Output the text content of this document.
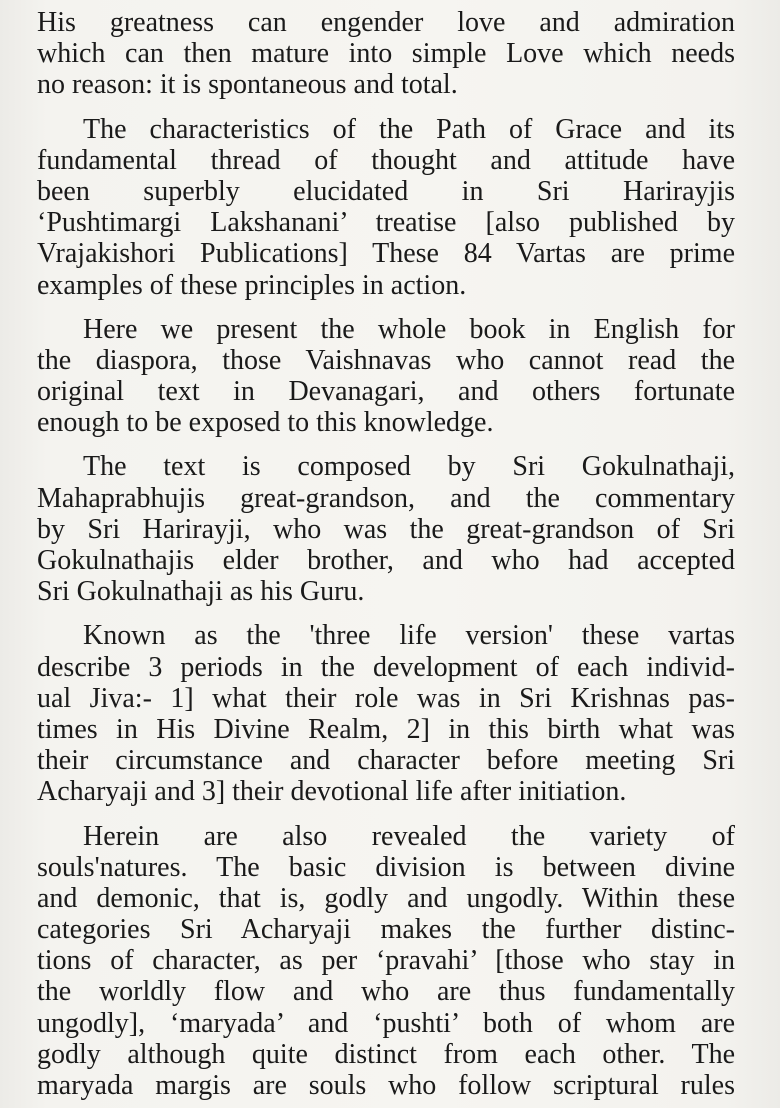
His greatness can engender love and admiration
which can then mature into simple Love which needs
no reason: it is spontaneous and total.
The characteristics of the Path of Grace and its
fundamental thread of thought and attitude have
been superbly elucidated in Sri Harirayjis
‘Pushtimargi Lakshanani’ treatise [also published by
Vrajakishori Publications] These 84 Vartas are prime
examples of these principles in action.
Here we present the whole book in English for
the diaspora, those Vaishnavas who cannot read the
original text in Devanagari, and others fortunate
enough to be exposed to this knowledge.
The text is composed by Sri Gokulnathaji,
Mahaprabhujis great-grandson, and the commentary
by Sri Harirayji, who was the great-grandson of Sri
Gokulnathajis elder brother, and who had accepted
Sri Gokulnathaji as his Guru.
Known as the 'three life version' these vartas
describe 3 periods in the development of each individ-
ual Jiva:- 1] what their role was in Sri Krishnas pas-
times in His Divine Realm, 2] in this birth what was
their circumstance and character before meeting Sri
Acharyaji and 3] their devotional life after initiation.
Herein are also revealed the variety of
souls'natures. The basic division is between divine
and demonic, that is, godly and ungodly. Within these
categories Sri Acharyaji makes the further distinc-
tions of character, as per ‘pravahi’ [those who stay in
the worldly flow and who are thus fundamentally
ungodly], ‘maryada’ and ‘pushti’ both of whom are
godly although quite distinct from each other. The
maryada margis are souls who follow scriptural rules
